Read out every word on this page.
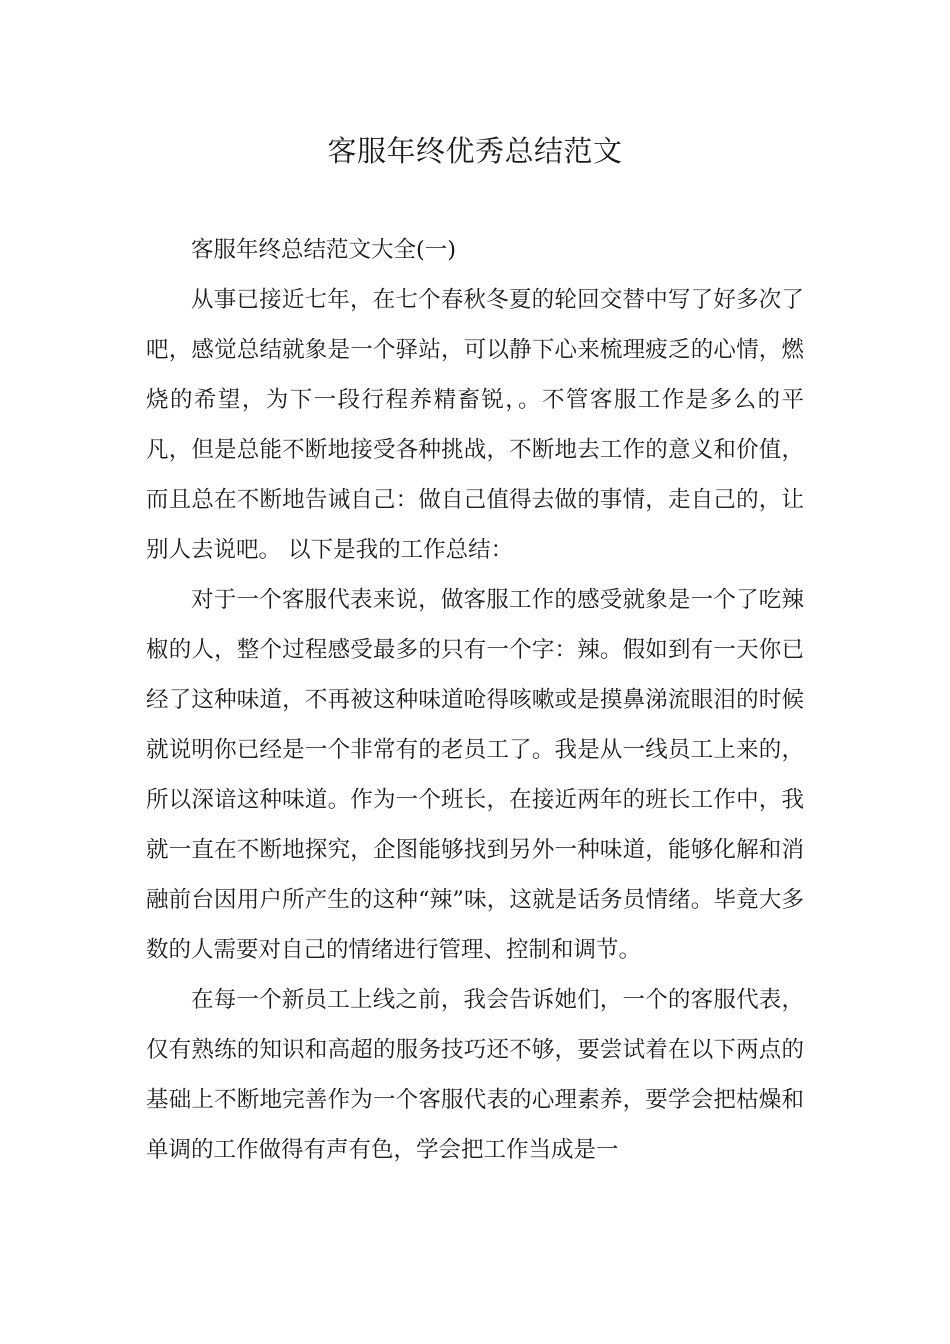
客服年终优秀总结范文

客服年终总结范文大全(一)

从事已接近七年，在七个春秋冬夏的轮回交替中写了好多次了吧，感觉总结就象是一个驿站，可以静下心来梳理疲乏的心情，燃烧的希望，为下一段行程养精畜锐，。不管客服工作是多么的平凡，但是总能不断地接受各种挑战，不断地去工作的意义和价值，而且总在不断地告诫自己：做自己值得去做的事情，走自己的，让别人去说吧。 以下是我的工作总结：

对于一个客服代表来说，做客服工作的感受就象是一个了吃辣椒的人，整个过程感受最多的只有一个字：辣。假如到有一天你已经了这种味道，不再被这种味道呛得咳嗽或是摸鼻涕流眼泪的时候就说明你已经是一个非常有的老员工了。我是从一线员工上来的，所以深谙这种味道。作为一个班长，在接近两年的班长工作中，我就一直在不断地探究，企图能够找到另外一种味道，能够化解和消融前台因用户所产生的这种“辣”味，这就是话务员情绪。毕竟大多数的人需要对自己的情绪进行管理、控制和调节。

在每一个新员工上线之前，我会告诉她们，一个的客服代表，仅有熟练的知识和高超的服务技巧还不够，要尝试着在以下两点的基础上不断地完善作为一个客服代表的心理素养，要学会把枯燥和单调的工作做得有声有色，学会把工作当成是一
